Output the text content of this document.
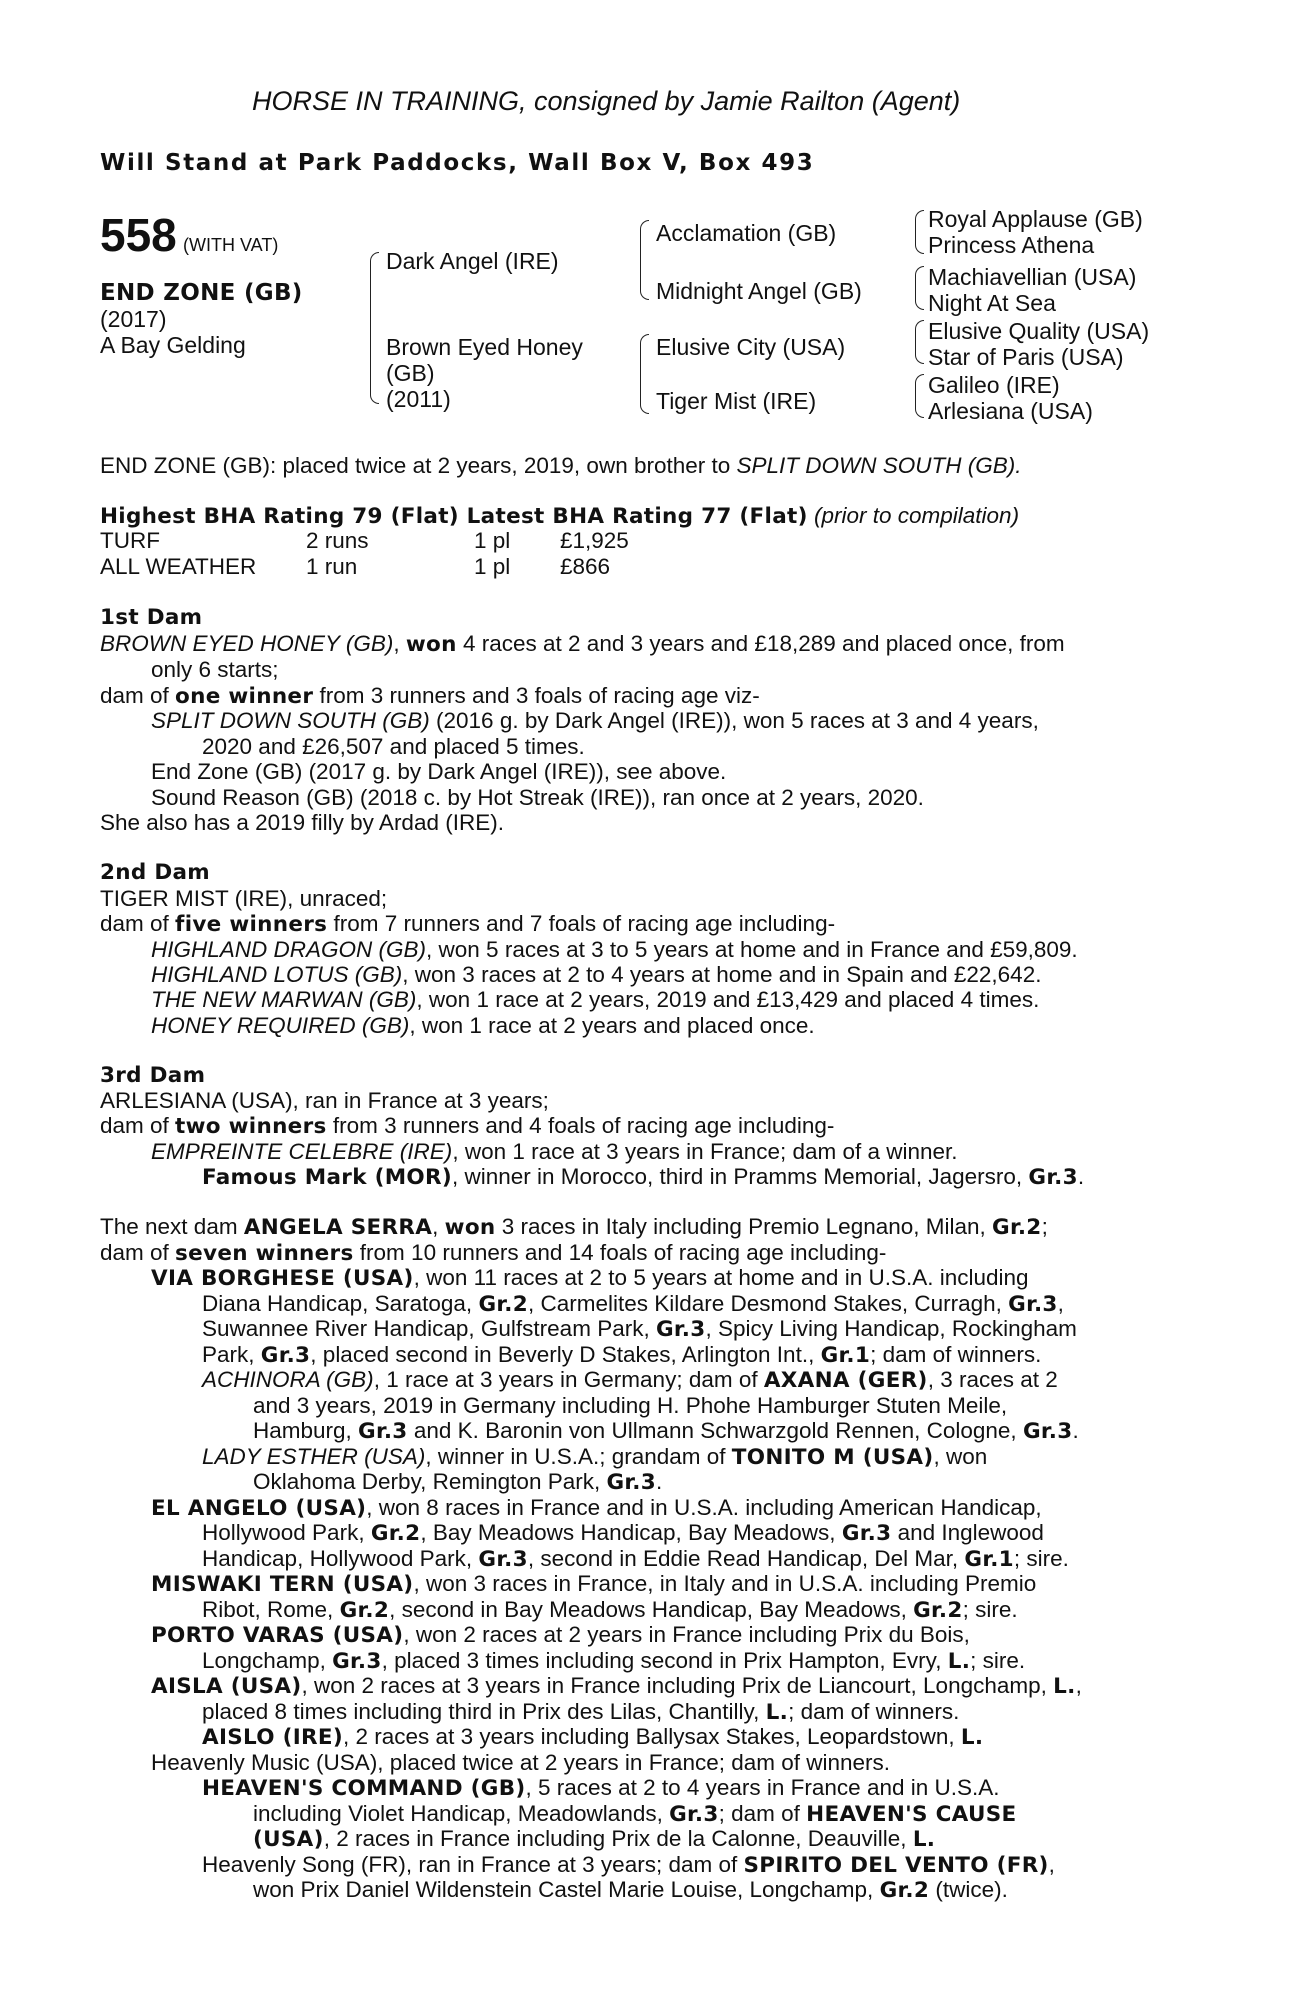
HORSE IN TRAINING, consigned by Jamie Railton (Agent)
Will Stand at Park Paddocks, Wall Box V, Box 493
558 (WITH VAT)
END ZONE (GB)
(2017)
A Bay Gelding
Dark Angel (IRE)
Brown Eyed Honey
(GB)
(2011)
Acclamation (GB)
Midnight Angel (GB)
Elusive City (USA)
Tiger Mist (IRE)
Royal Applause (GB)
Princess Athena
Machiavellian (USA)
Night At Sea
Elusive Quality (USA)
Star of Paris (USA)
Galileo (IRE)
Arlesiana (USA)
END ZONE (GB): placed twice at 2 years, 2019, own brother to SPLIT DOWN SOUTH (GB).
Highest BHA Rating 79 (Flat) Latest BHA Rating 77 (Flat) (prior to compilation)
TURF	2 runs	1 pl £1,925
ALL WEATHER 1 run	1 pl £866
1st Dam
BROWN EYED HONEY (GB), won 4 races at 2 and 3 years and £18,289 and placed once, from
only 6 starts;
dam of one winner from 3 runners and 3 foals of racing age viz-
SPLIT DOWN SOUTH (GB) (2016 g. by Dark Angel (IRE)), won 5 races at 3 and 4 years,
2020 and £26,507 and placed 5 times.
End Zone (GB) (2017 g. by Dark Angel (IRE)), see above.
Sound Reason (GB) (2018 c. by Hot Streak (IRE)), ran once at 2 years, 2020.
She also has a 2019 filly by Ardad (IRE).
2nd Dam
TIGER MIST (IRE), unraced;
dam of five winners from 7 runners and 7 foals of racing age including-
HIGHLAND DRAGON (GB), won 5 races at 3 to 5 years at home and in France and £59,809.
HIGHLAND LOTUS (GB), won 3 races at 2 to 4 years at home and in Spain and £22,642.
THE NEW MARWAN (GB), won 1 race at 2 years, 2019 and £13,429 and placed 4 times.
HONEY REQUIRED (GB), won 1 race at 2 years and placed once.
3rd Dam
ARLESIANA (USA), ran in France at 3 years;
dam of two winners from 3 runners and 4 foals of racing age including-
EMPREINTE CELEBRE (IRE), won 1 race at 3 years in France; dam of a winner.
Famous Mark (MOR), winner in Morocco, third in Pramms Memorial, Jagersro, Gr.3.
The next dam ANGELA SERRA, won 3 races in Italy including Premio Legnano, Milan, Gr.2;
dam of seven winners from 10 runners and 14 foals of racing age including-
VIA BORGHESE (USA), won 11 races at 2 to 5 years at home and in U.S.A. including
Diana Handicap, Saratoga, Gr.2, Carmelites Kildare Desmond Stakes, Curragh, Gr.3,
Suwannee River Handicap, Gulfstream Park, Gr.3, Spicy Living Handicap, Rockingham
Park, Gr.3, placed second in Beverly D Stakes, Arlington Int., Gr.1; dam of winners.
ACHINORA (GB), 1 race at 3 years in Germany; dam of AXANA (GER), 3 races at 2
and 3 years, 2019 in Germany including H. Phohe Hamburger Stuten Meile,
Hamburg, Gr.3 and K. Baronin von Ullmann Schwarzgold Rennen, Cologne, Gr.3.
LADY ESTHER (USA), winner in U.S.A.; grandam of TONITO M (USA), won
Oklahoma Derby, Remington Park, Gr.3.
EL ANGELO (USA), won 8 races in France and in U.S.A. including American Handicap,
Hollywood Park, Gr.2, Bay Meadows Handicap, Bay Meadows, Gr.3 and Inglewood
Handicap, Hollywood Park, Gr.3, second in Eddie Read Handicap, Del Mar, Gr.1; sire.
MISWAKI TERN (USA), won 3 races in France, in Italy and in U.S.A. including Premio
Ribot, Rome, Gr.2, second in Bay Meadows Handicap, Bay Meadows, Gr.2; sire.
PORTO VARAS (USA), won 2 races at 2 years in France including Prix du Bois,
Longchamp, Gr.3, placed 3 times including second in Prix Hampton, Evry, L.; sire.
AISLA (USA), won 2 races at 3 years in France including Prix de Liancourt, Longchamp, L.,
placed 8 times including third in Prix des Lilas, Chantilly, L.; dam of winners.
AISLO (IRE), 2 races at 3 years including Ballysax Stakes, Leopardstown, L.
Heavenly Music (USA), placed twice at 2 years in France; dam of winners.
HEAVEN'S COMMAND (GB), 5 races at 2 to 4 years in France and in U.S.A.
including Violet Handicap, Meadowlands, Gr.3; dam of HEAVEN'S CAUSE
(USA), 2 races in France including Prix de la Calonne, Deauville, L.
Heavenly Song (FR), ran in France at 3 years; dam of SPIRITO DEL VENTO (FR),
won Prix Daniel Wildenstein Castel Marie Louise, Longchamp, Gr.2 (twice).
